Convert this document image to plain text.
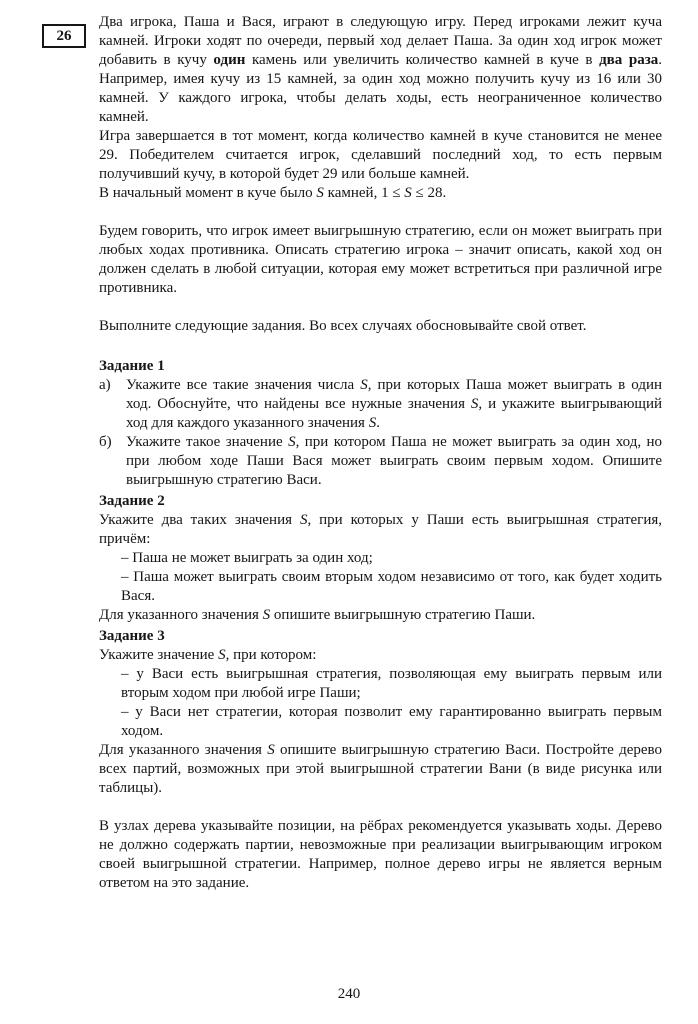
26

Два игрока, Паша и Вася, играют в следующую игру. Перед игроками лежит куча камней. Игроки ходят по очереди, первый ход делает Паша. За один ход игрок может добавить в кучу один камень или увеличить количество камней в куче в два раза. Например, имея кучу из 15 камней, за один ход можно получить кучу из 16 или 30 камней. У каждого игрока, чтобы делать ходы, есть неограниченное количество камней.

Игра завершается в тот момент, когда количество камней в куче становится не менее 29. Победителем считается игрок, сделавший последний ход, то есть первым получивший кучу, в которой будет 29 или больше камней.

В начальный момент в куче было S камней, 1 ≤ S ≤ 28.

Будем говорить, что игрок имеет выигрышную стратегию, если он может выиграть при любых ходах противника. Описать стратегию игрока – значит описать, какой ход он должен сделать в любой ситуации, которая ему может встретиться при различной игре противника.

Выполните следующие задания. Во всех случаях обосновывайте свой ответ.

Задание 1

а)	Укажите все такие значения числа S, при которых Паша может выиграть в один ход. Обоснуйте, что найдены все нужные значения S, и укажите выигрывающий ход для каждого указанного значения S.
б) Укажите такое значение S, при котором Паша не может выиграть за один ход, но при любом ходе Паши Вася может выиграть своим первым ходом. Опишите выигрышную стратегию Васи.

Задание 2

Укажите два таких значения S, при которых у Паши есть выигрышная стратегия, причём:

– Паша не может выиграть за один ход;

– Паша может выиграть своим вторым ходом независимо от того, как будет ходить Вася.

Для указанного значения S опишите выигрышную стратегию Паши.

Задание 3

Укажите значение S, при котором:

– у Васи есть выигрышная стратегия, позволяющая ему выиграть первым или вторым ходом при любой игре Паши;

– у Васи нет стратегии, которая позволит ему гарантированно выиграть первым ходом.

Для указанного значения S опишите выигрышную стратегию Васи. Постройте дерево всех партий, возможных при этой выигрышной стратегии Вани (в виде рисунка или таблицы).

В узлах дерева указывайте позиции, на рёбрах рекомендуется указывать ходы. Дерево не должно содержать партии, невозможные при реализации выигрывающим игроком своей выигрышной стратегии. Например, полное дерево игры не является верным ответом на это задание.

240
